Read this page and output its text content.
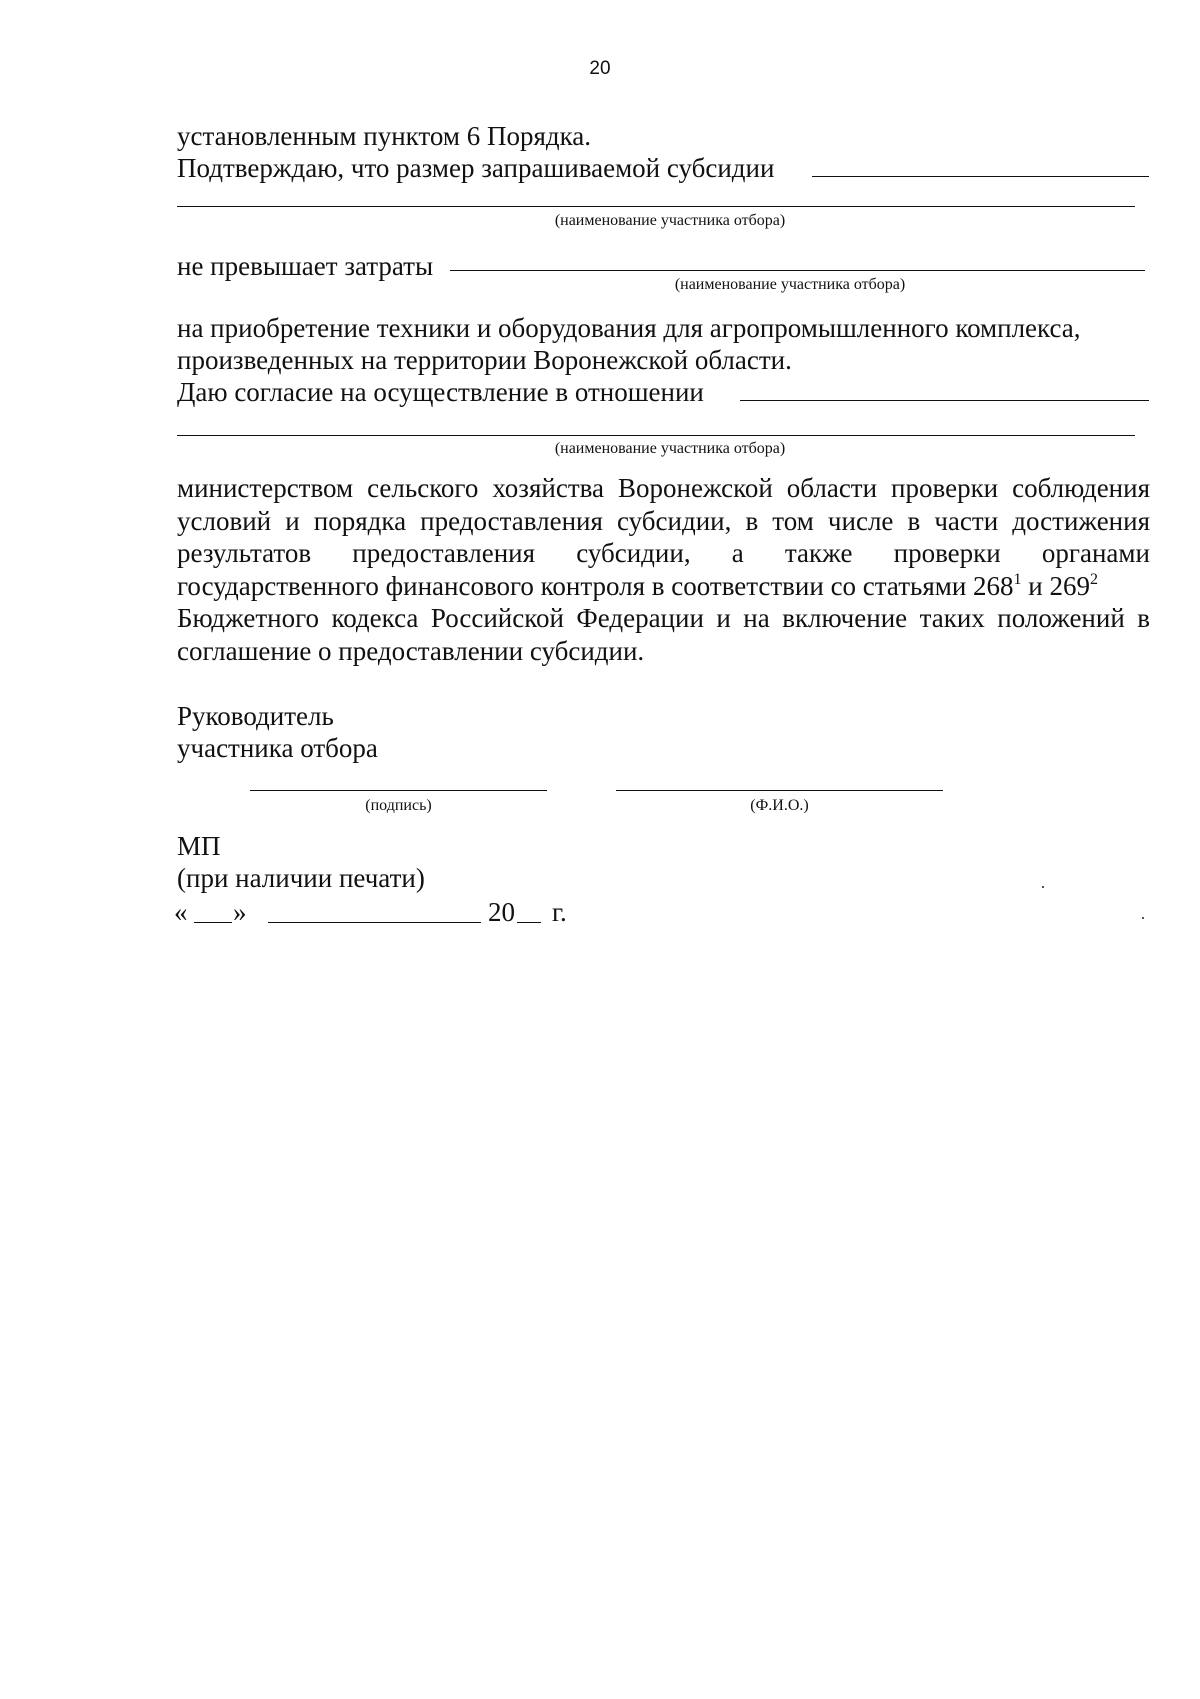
20
установленным пунктом 6 Порядка.
Подтверждаю, что размер запрашиваемой субсидии
(наименование участника отбора)
не превышает затраты
(наименование участника отбора)
на приобретение техники и оборудования для агропромышленного комплекса,
произведенных на территории Воронежской области.
Даю согласие на осуществление в отношении
(наименование участника отбора)
министерством сельского хозяйства Воронежской области проверки соблюдения
условий и порядка предоставления субсидии, в том числе в части достижения
результатов предоставления субсидии, а также проверки органами
государственного финансового контроля в соответствии со статьями $268^1$ и $269^2$
Бюджетного кодекса Российской Федерации и на включение таких положений в
соглашение о предоставлении субсидии.
Руководитель
участника отбора
(подпись)	(Ф.И.О.)
МП
(при наличии печати)
« »	20 г.
